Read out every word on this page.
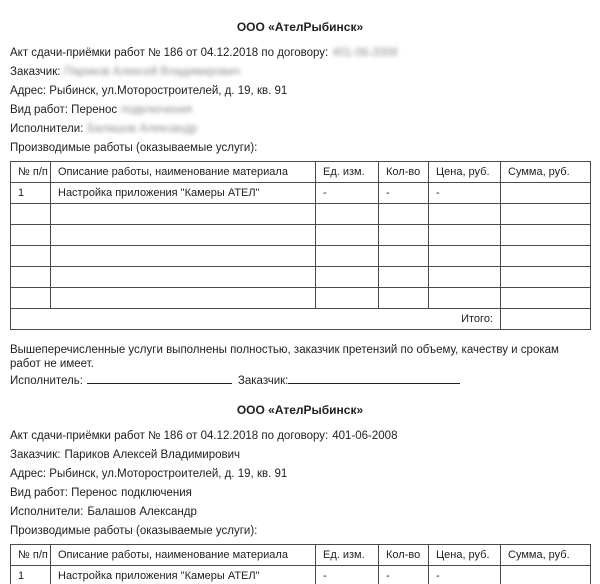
ООО «АтелРыбинск»
Акт сдачи-приёмки работ № 186 от 04.12.2018 по договору: 401-06-2008
Заказчик: Париков Алексей Владимирович
Адрес: Рыбинск, ул.Моторостроителей, д. 19, кв. 91
Вид работ: Перенос подключения
Исполнители: Балашов Александр
Производимые работы (оказываемые услуги):
№ п/п	Описание работы, наименование материала	Ед. изм.	Кол-во	Цена, руб.	Сумма, руб.
1	Настройка приложения "Камеры АТЕЛ"	-	-	-	

Итого:					
Вышеперечисленные услуги выполнены полностью, заказчик претензий по объему, качеству и срокам работ не имеет.
Исполнитель:	Заказчик:
ООО «АтелРыбинск»
Акт сдачи-приёмки работ № 186 от 04.12.2018 по договору: 401-06-2008
Заказчик: Париков Алексей Владимирович
Адрес: Рыбинск, ул.Моторостроителей, д. 19, кв. 91
Вид работ: Перенос подключения
Исполнители: Балашов Александр
Производимые работы (оказываемые услуги):
№ п/п	Описание работы, наименование материала	Ед. изм.	Кол-во	Цена, руб.	Сумма, руб.
1	Настройка приложения "Камеры АТЕЛ"	-	-	-	
